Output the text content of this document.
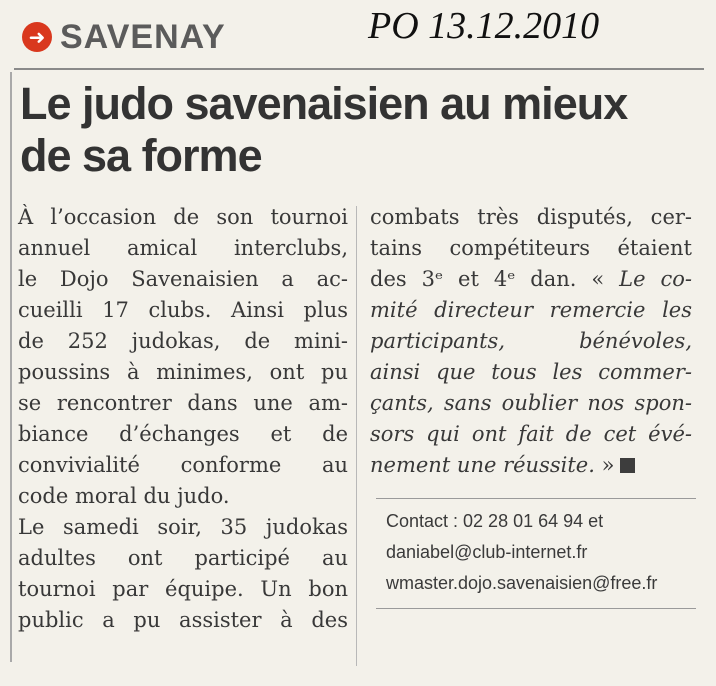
➜ SAVENAY	PO 13.12.2010
Le judo savenaisien au mieux
de sa forme
À l’occasion de son tournoi
annuel amical interclubs,
le Dojo Savenaisien a ac-
cueilli 17 clubs. Ainsi plus
de 252 judokas, de mini-
poussins à minimes, ont pu
se rencontrer dans une am-
biance d’échanges et de
convivialité conforme au
code moral du judo.
Le samedi soir, 35 judokas
adultes ont participé au
tournoi par équipe. Un bon
public a pu assister à des
combats très disputés, cer-
tains compétiteurs étaient
des 3ᵉ et 4ᵉ dan. « Le co-
mité directeur remercie les
participants, bénévoles,
ainsi que tous les commer-
çants, sans oublier nos spon-
sors qui ont fait de cet évé-
nement une réussite. »
Contact : 02 28 01 64 94 et
daniabel@club-internet.fr
wmaster.dojo.savenaisien@free.fr
